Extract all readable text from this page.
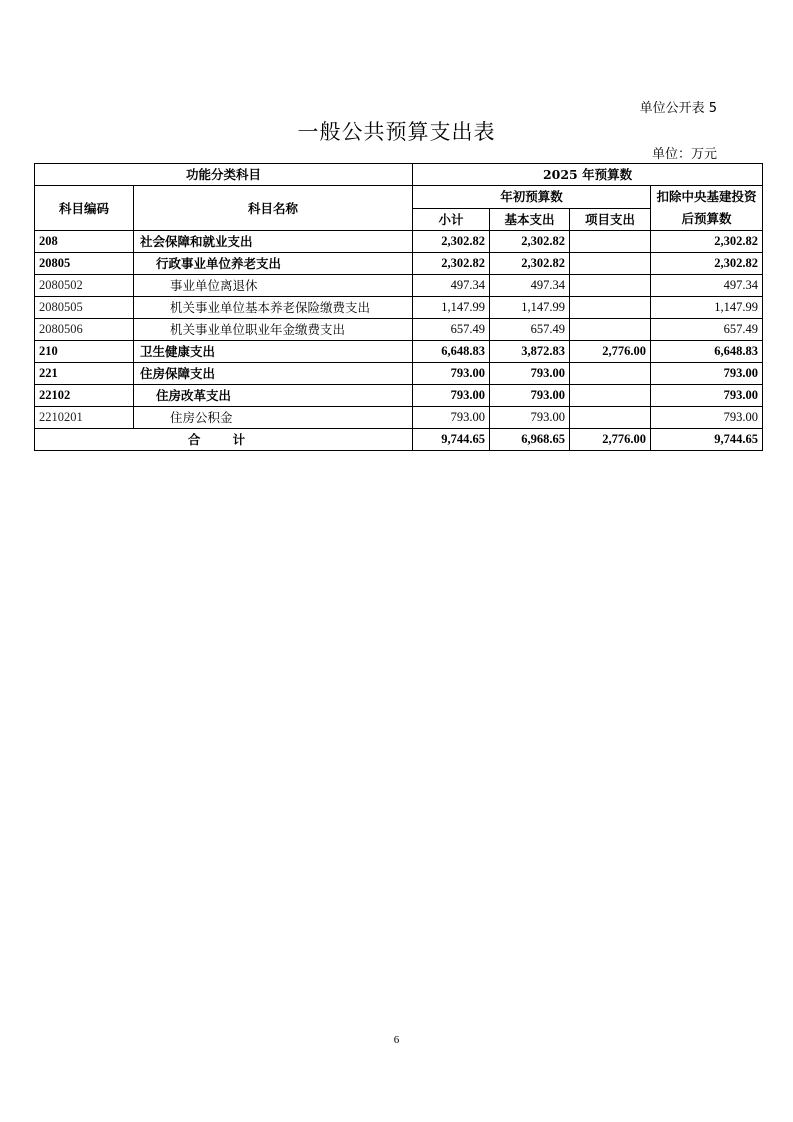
单位公开表 5
一般公共预算支出表
单位：万元
功能分类科目		2025 年预算数			
科目编码	科目名称	年初预算数			扣除中央基建投资后预算数
		小计	基本支出	项目支出	
208	社会保障和就业支出	2,302.82	2,302.82		2,302.82
20805	行政事业单位养老支出	2,302.82	2,302.82		2,302.82
2080502	事业单位离退休	497.34	497.34		497.34
2080505	机关事业单位基本养老保险缴费支出	1,147.99	1,147.99		1,147.99
2080506	机关事业单位职业年金缴费支出	657.49	657.49		657.49
210	卫生健康支出	6,648.83	3,872.83	2,776.00	6,648.83
221	住房保障支出	793.00	793.00		793.00
22102	住房改革支出	793.00	793.00		793.00
2210201	住房公积金	793.00	793.00		793.00
合 计		9,744.65	6,968.65	2,776.00	9,744.65
6
